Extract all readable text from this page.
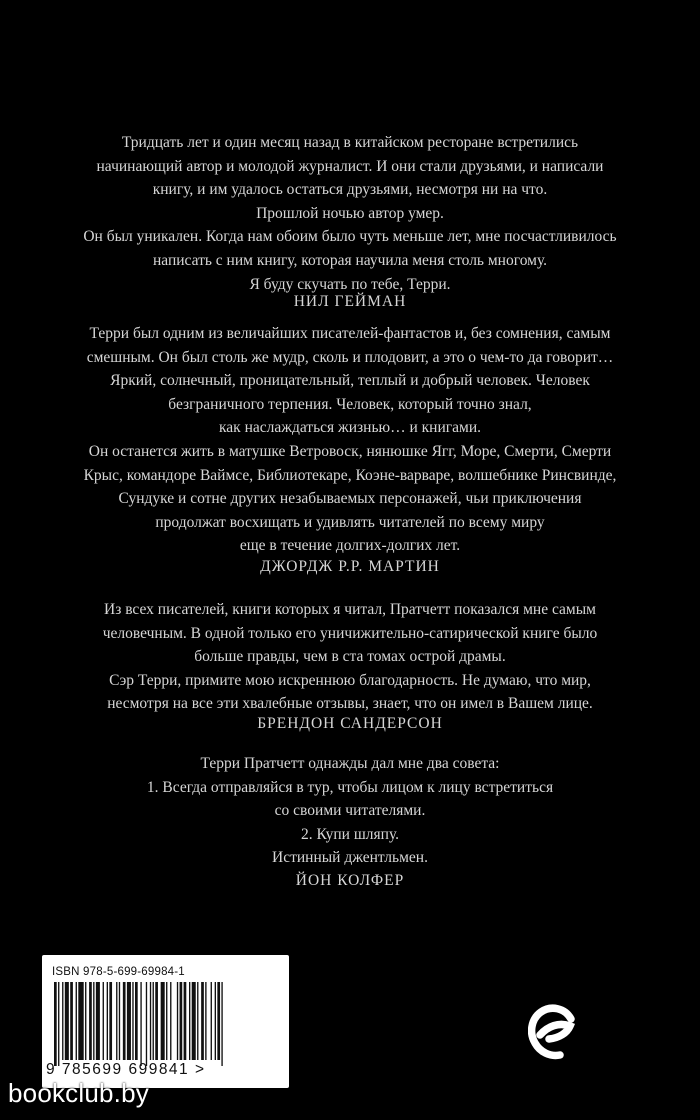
Тридцать лет и один месяц назад в китайском ресторане встретились

начинающий автор и молодой журналист. И они стали друзьями, и написали

книгу, и им удалось остаться друзьями, несмотря ни на что.

Прошлой ночью автор умер.

Он был уникален. Когда нам обоим было чуть меньше лет, мне посчастливилось

написать с ним книгу, которая научила меня столь многому.

Я буду скучать по тебе, Терри.

НИЛ ГЕЙМАН

Терри был одним из величайших писателей-фантастов и, без сомнения, самым

смешным. Он был столь же мудр, сколь и плодовит, а это о чем-то да говорит…

Яркий, солнечный, проницательный, теплый и добрый человек. Человек

безграничного терпения. Человек, который точно знал,

как наслаждаться жизнью… и книгами.

Он останется жить в матушке Ветровоск, нянюшке Ягг, Море, Смерти, Смерти

Крыс, командоре Ваймсе, Библиотекаре, Коэне-варваре, волшебнике Ринсвинде,

Сундуке и сотне других незабываемых персонажей, чьи приключения

продолжат восхищать и удивлять читателей по всему миру

еще в течение долгих-долгих лет.

ДЖОРДЖ Р.Р. МАРТИН

Из всех писателей, книги которых я читал, Пратчетт показался мне самым

человечным. В одной только его уничижительно-сатирической книге было

больше правды, чем в ста томах острой драмы.

Сэр Терри, примите мою искреннюю благодарность. Не думаю, что мир,

несмотря на все эти хвалебные отзывы, знает, что он имел в Вашем лице.

БРЕНДОН САНДЕРСОН

Терри Пратчетт однажды дал мне два совета:

1. Всегда отправляйся в тур, чтобы лицом к лицу встретиться

со своими читателями.

2. Купи шляпу.

Истинный джентльмен.

ЙОН КОЛФЕР
ISBN 978-5-699-69984-1
9 785699 699841 >
bookclub.by
